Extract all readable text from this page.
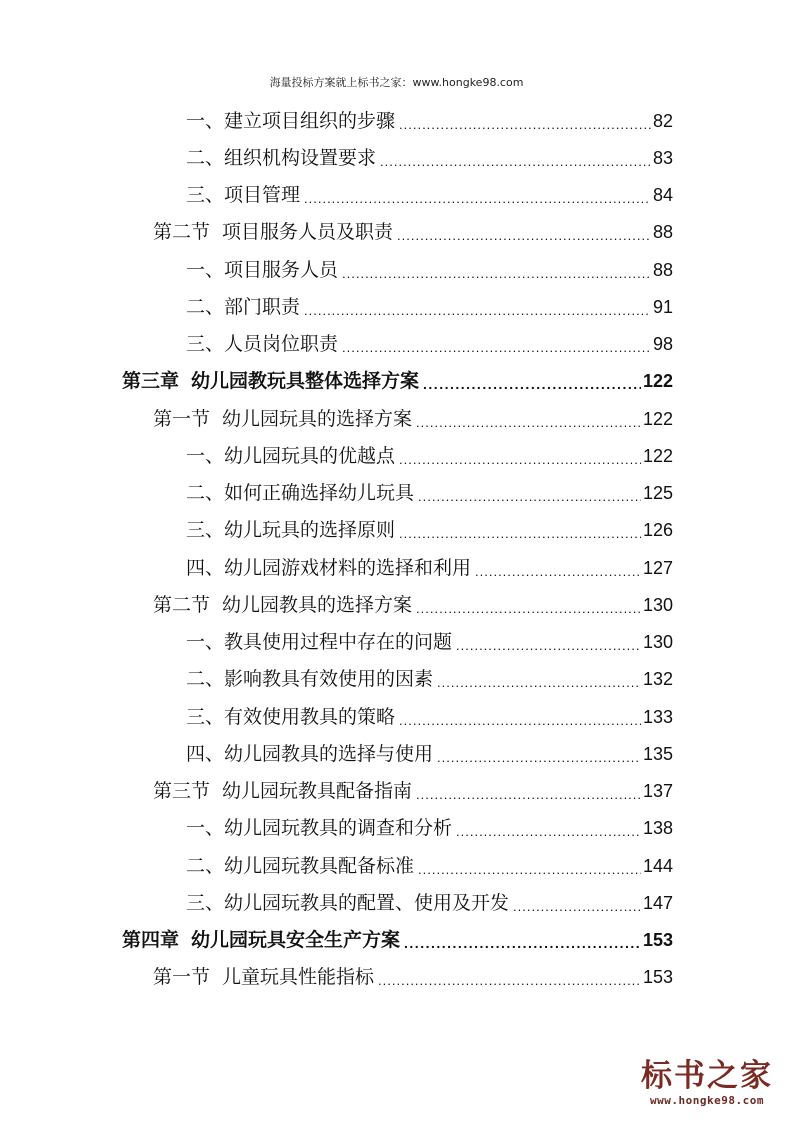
海量投标方案就上标书之家：www.hongke98.com
一、建立项目组织的步骤 .....	82
二、组织机构设置要求 .....	83
三、项目管理 .....	84
第二节 项目服务人员及职责 .....	88
一、项目服务人员 .....	88
二、部门职责 .....	91
三、人员岗位职责 .....	98
第三章 幼儿园教玩具整体选择方案 .....	122
第一节 幼儿园玩具的选择方案 .....	122
一、幼儿园玩具的优越点 .....	122
二、如何正确选择幼儿玩具 .....	125
三、幼儿玩具的选择原则 .....	126
四、幼儿园游戏材料的选择和利用 .....	127
第二节 幼儿园教具的选择方案 .....	130
一、教具使用过程中存在的问题 .....	130
二、影响教具有效使用的因素 .....	132
三、有效使用教具的策略 .....	133
四、幼儿园教具的选择与使用 .....	135
第三节 幼儿园玩教具配备指南 .....	137
一、幼儿园玩教具的调查和分析 .....	138
二、幼儿园玩教具配备标准 .....	144
三、幼儿园玩教具的配置、使用及开发 .....	147
第四章 幼儿园玩具安全生产方案 .....	153
第一节 儿童玩具性能指标 .....	153
标书之家
www.hongke98.com
